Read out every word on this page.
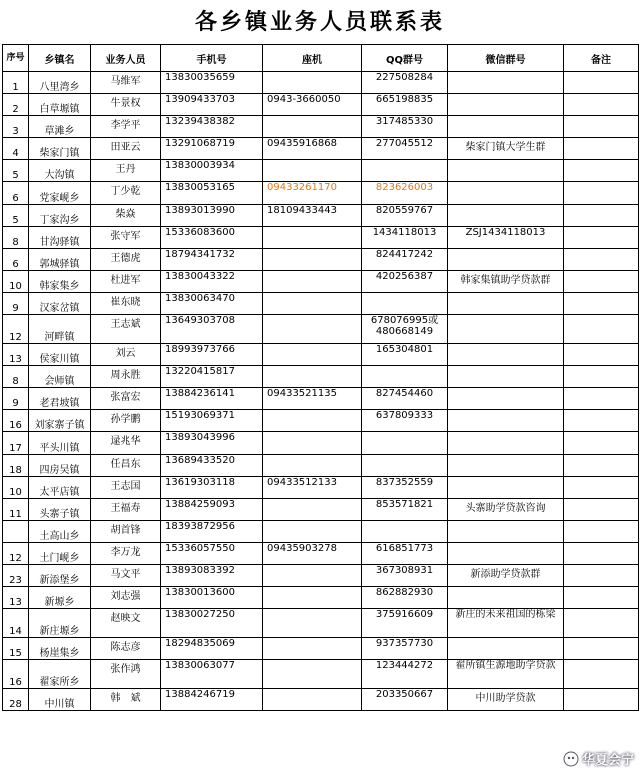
各乡镇业务人员联系表
序号	乡镇名	业务人员	手机号	座机	QQ群号	微信群号	备注
1	八里湾乡	马维军	13830035659		227508284		
2	白草塬镇	牛景权	13909433703	0943-3660050	665198835		
3	草滩乡	李学平	13239438382		317485330		
4	柴家门镇	田亚云	13291068719	09435916868	277045512	柴家门镇大学生群	
5	大沟镇	王丹	13830003934				
6	党家岘乡	丁少乾	13830053165	09433261170	823626003		
5	丁家沟乡	柴焱	13893013990	18109433443	820559767		
8	甘沟驿镇	张守军	15336083600		1434118013	ZSJ1434118013	
6	郭城驿镇	王德虎	18794341732		824417242		
10	韩家集乡	杜进军	13830043322		420256387	韩家集镇助学贷款群	
9	汉家岔镇	崔东晓	13830063470				
12	河畔镇	王志斌	13649303708		678076995或480668149		
13	侯家川镇	刘云	18993973766		165304801		
8	会师镇	周永胜	13220415817				
9	老君坡镇	张富宏	13884236141	09433521135	827454460		
16	刘家寨子镇	孙学鹏	15193069371		637809333		
17	平头川镇	逯兆华	13893043996				
18	四房吴镇	任昌东	13689433520				
10	太平店镇	王志国	13619303118	09433512133	837352559		
11	头寨子镇	王福寿	13884259093		853571821	头寨助学贷款咨询	
	土高山乡	胡首锋	18393872956				
12	土门岘乡	李万龙	15336057550	09435903278	616851773		
23	新添堡乡	马文平	13893083392		367308931	新添助学贷款群	
13	新塬乡	刘志强	13830013600		862882930		
14	新庄塬乡	赵映文	13830027250		375916609	新庄的未来祖国的栋梁	
15	杨崖集乡	陈志彦	18294835069		937357730		
16	翟家所乡	张作鸿	13830063077		123444272	翟所镇生源地助学贷款	
28	中川镇	韩　斌	13884246719		203350667	中川助学贷款	
华夏会宁
